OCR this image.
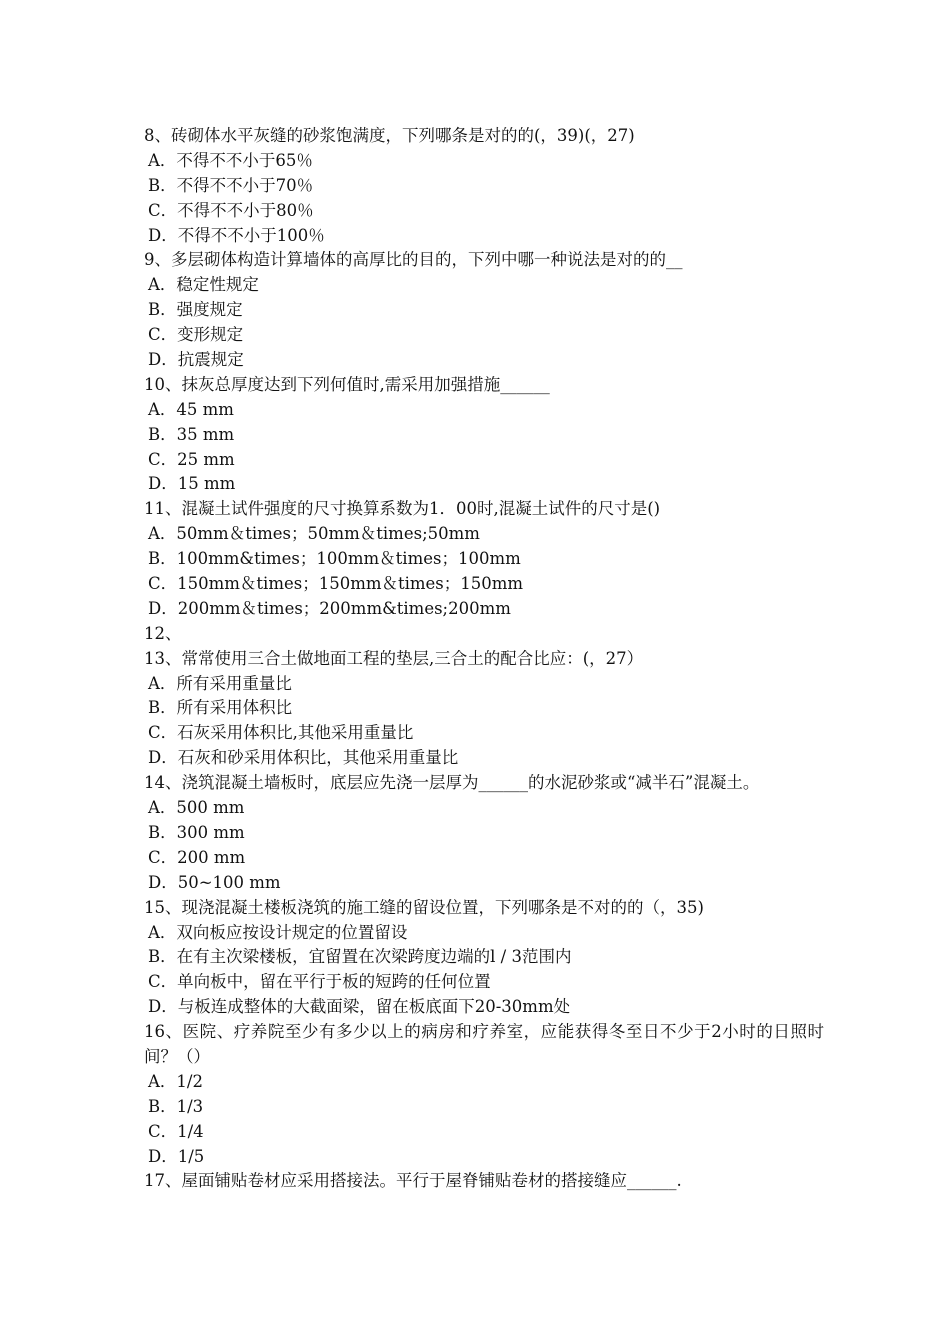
8、砖砌体水平灰缝的砂浆饱满度，下列哪条是对的的(，39)(，27)
A．不得不不小于65％
B．不得不不小于70％
C．不得不不小于80％
D．不得不不小于100％
9、多层砌体构造计算墙体的高厚比的目的，下列中哪一种说法是对的的__
A．稳定性规定
B．强度规定
C．变形规定
D．抗震规定
10、抹灰总厚度达到下列何值时,需采用加强措施______
A．45 mm
B．35 mm
C．25 mm
D．15 mm
11、混凝土试件强度的尺寸换算系数为1．00时,混凝土试件的尺寸是()
A．50mm＆times；50mm＆times;50mm
B．100mm&times；100mm＆times；100mm
C．150mm＆times；150mm＆times；150mm
D．200mm＆times；200mm&times;200mm
12、
13、常常使用三合土做地面工程的垫层,三合土的配合比应：(，27）
A．所有采用重量比
B．所有采用体积比
C．石灰采用体积比,其他采用重量比
D．石灰和砂采用体积比，其他采用重量比
14、浇筑混凝土墙板时，底层应先浇一层厚为______的水泥砂浆或“减半石”混凝土。
A．500 mm
B．300 mm
C．200 mm
D．50~100 mm
15、现浇混凝土楼板浇筑的施工缝的留设位置，下列哪条是不对的的（，35)
A．双向板应按设计规定的位置留设
B．在有主次梁楼板，宜留置在次梁跨度边端的l / 3范围内
C．单向板中，留在平行于板的短跨的任何位置
D．与板连成整体的大截面梁，留在板底面下20-30mm处
16、医院、疗养院至少有多少以上的病房和疗养室，应能获得冬至日不少于2小时的日照时间？（）
A．1/2
B．1/3
C．1/4
D．1/5
17、屋面铺贴卷材应采用搭接法。平行于屋脊铺贴卷材的搭接缝应______.
